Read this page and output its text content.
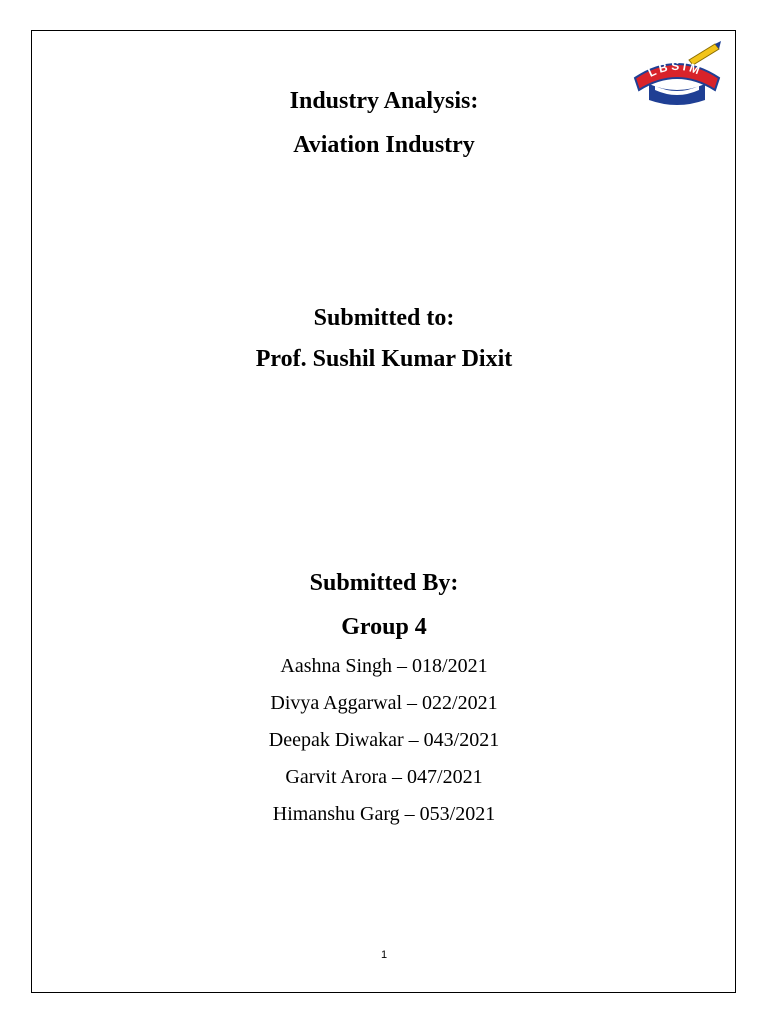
LBSIM
Industry Analysis:
Aviation Industry
Submitted to:
Prof. Sushil Kumar Dixit
Submitted By:
Group 4
Aashna Singh – 018/2021
Divya Aggarwal – 022/2021
Deepak Diwakar – 043/2021
Garvit Arora – 047/2021
Himanshu Garg – 053/2021
1
